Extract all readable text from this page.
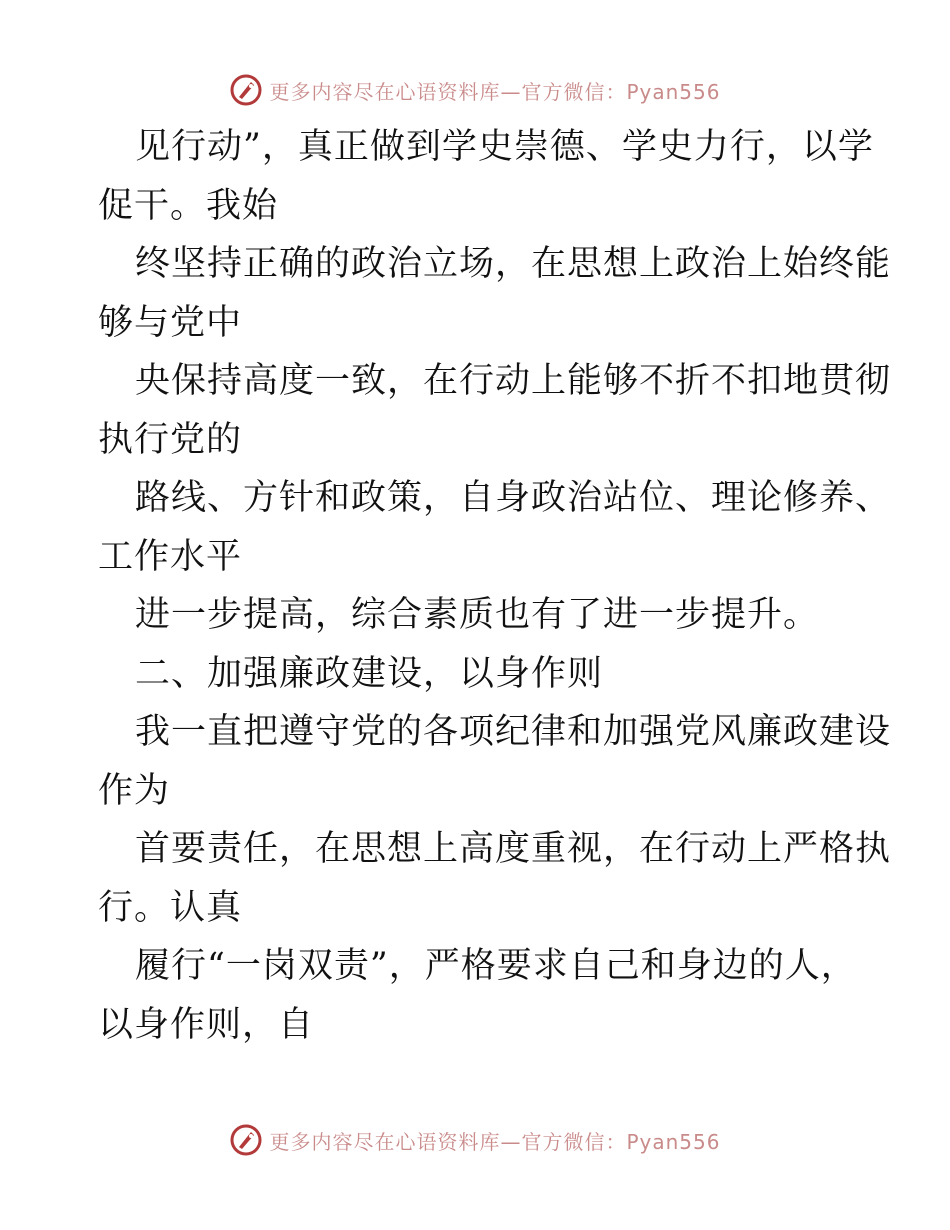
更多内容尽在心语资料库—官方微信：Pyan556
见行动”，真正做到学史崇德、学史力行，以学
促干。我始
终坚持正确的政治立场，在思想上政治上始终能
够与党中
央保持高度一致，在行动上能够不折不扣地贯彻
执行党的
路线、方针和政策，自身政治站位、理论修养、
工作水平
进一步提高，综合素质也有了进一步提升。
二、加强廉政建设，以身作则
我一直把遵守党的各项纪律和加强党风廉政建设
作为
首要责任，在思想上高度重视，在行动上严格执
行。认真
履行“一岗双责”，严格要求自己和身边的人，
以身作则，自
更多内容尽在心语资料库—官方微信：Pyan556
